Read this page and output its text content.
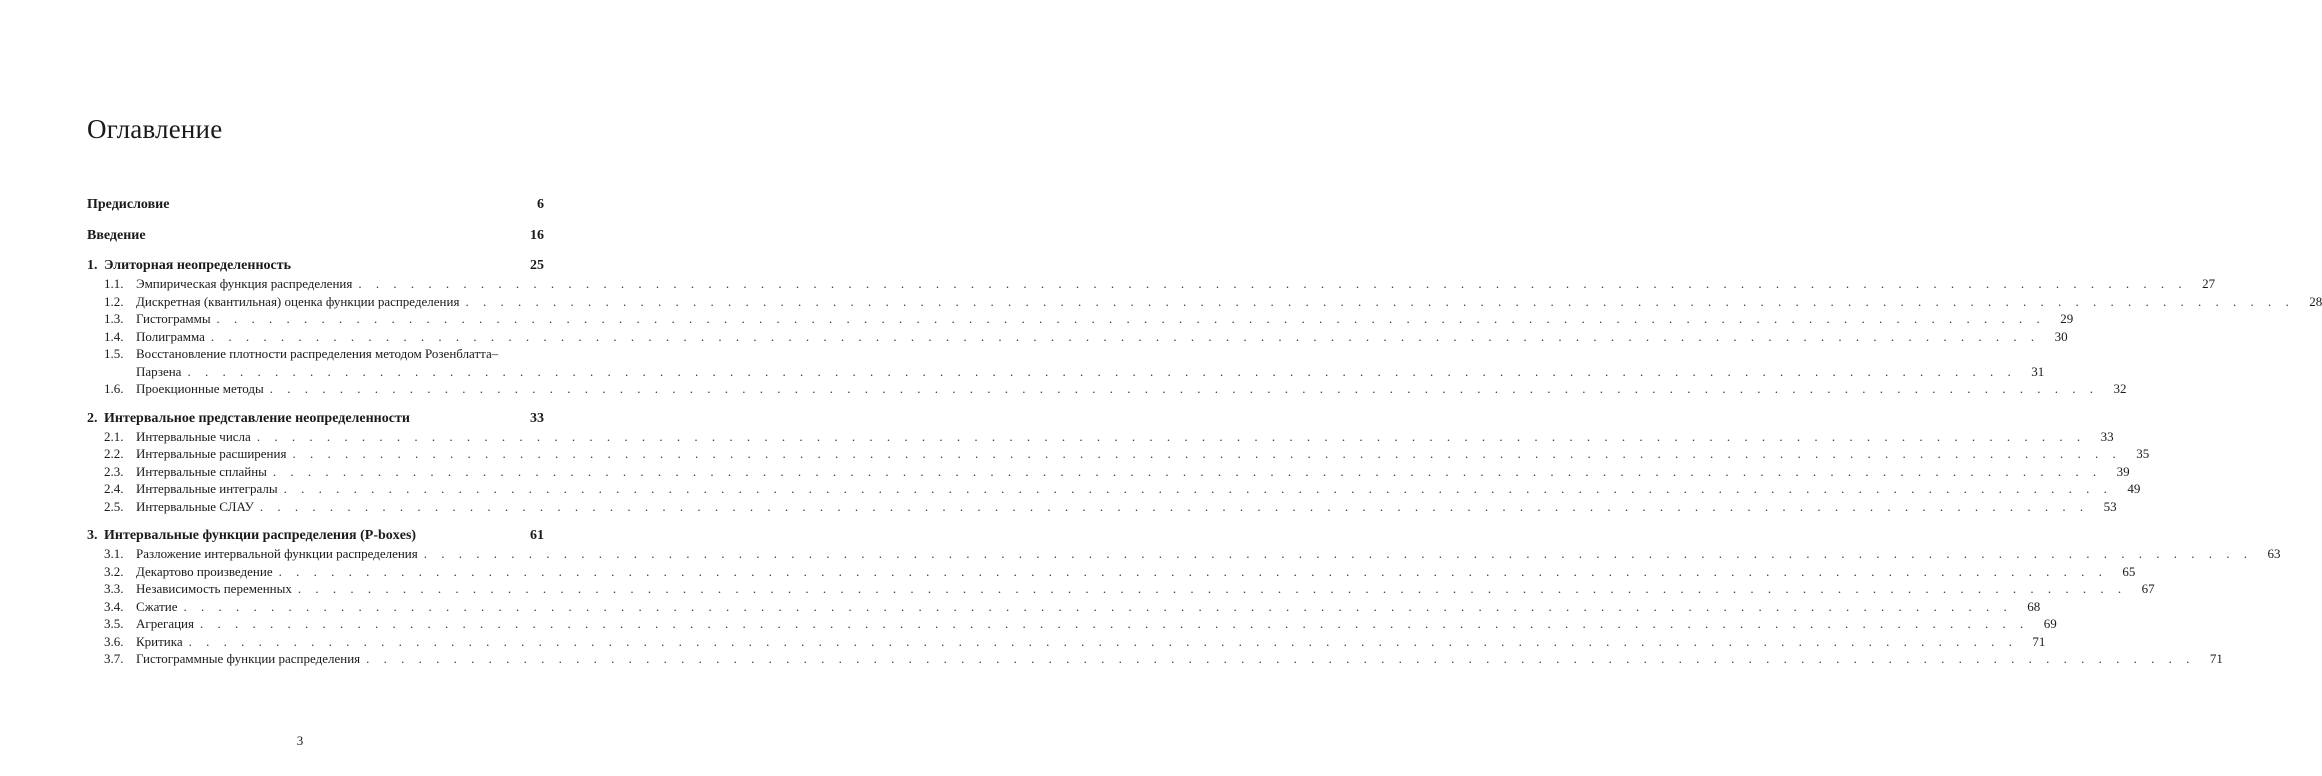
Оглавление
Предисловие	6
Введение	16
1. Элиторная неопределенность	25
1.1. Эмпирическая функция распределения . . .	27
1.2. Дискретная (квантильная) оценка функции распределения . . .	28
1.3. Гистограммы . . .	29
1.4. Полиграмма . . .	30
1.5. Восстановление плотности распределения методом Розенблатта–
Парзена . . .	31
1.6. Проекционные методы . . .	32
2. Интервальное представление неопределенности	33
2.1. Интервальные числа . . .	33
2.2. Интервальные расширения . . .	35
2.3. Интервальные сплайны . . .	39
2.4. Интервальные интегралы . . .	49
2.5. Интервальные СЛАУ . . .	53
3. Интервальные функции распределения (P-boxes)	61
3.1. Разложение интервальной функции распределения . . .	63
3.2. Декартово произведение . . .	65
3.3. Независимость переменных . . .	67
3.4. Сжатие . . .	68
3.5. Агрегация . . .	69
3.6. Критика . . .	71
3.7. Гистограммные функции распределения . . .	71
3
